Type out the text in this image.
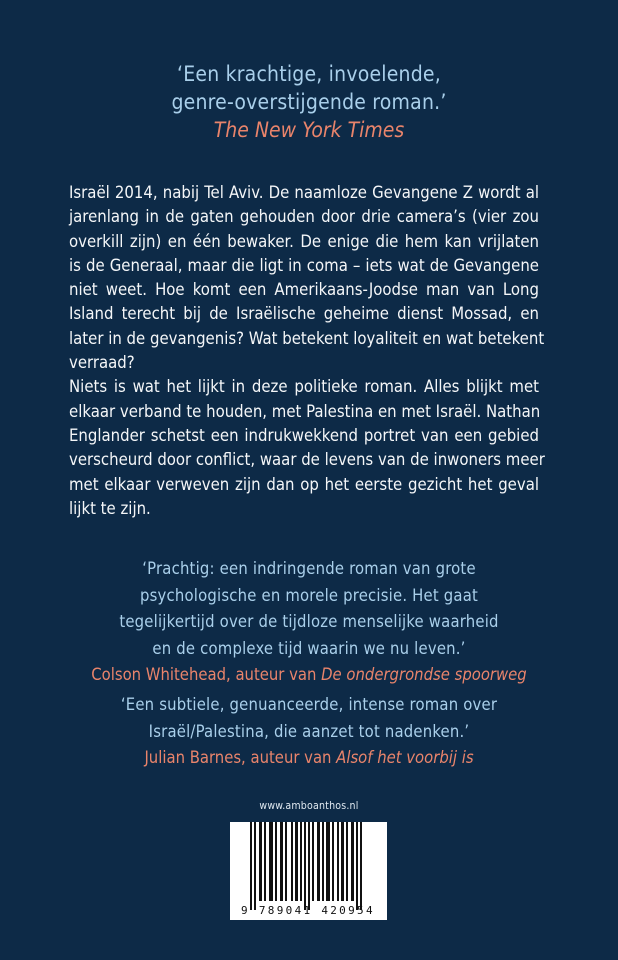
‘Een krachtige, invoelende,
genre-overstijgende roman.’
The New York Times
Israël 2014, nabij Tel Aviv. De naamloze Gevangene Z wordt al
jarenlang in de gaten gehouden door drie camera’s (vier zou
overkill zijn) en één bewaker. De enige die hem kan vrijlaten
is de Generaal, maar die ligt in coma – iets wat de Gevangene
niet weet. Hoe komt een Amerikaans-Joodse man van Long
Island terecht bij de Israëlische geheime dienst Mossad, en
later in de gevangenis? Wat betekent loyaliteit en wat betekent
verraad?
Niets is wat het lijkt in deze politieke roman. Alles blijkt met
elkaar verband te houden, met Palestina en met Israël. Nathan
Englander schetst een indrukwekkend portret van een gebied
verscheurd door conflict, waar de levens van de inwoners meer
met elkaar verweven zijn dan op het eerste gezicht het geval
lijkt te zijn.
‘Prachtig: een indringende roman van grote
psychologische en morele precisie. Het gaat
tegelijkertijd over de tijdloze menselijke waarheid
en de complexe tijd waarin we nu leven.’
Colson Whitehead, auteur van De ondergrondse spoorweg
‘Een subtiele, genuanceerde, intense roman over
Israël/Palestina, die aanzet tot nadenken.’
Julian Barnes, auteur van Alsof het voorbij is
www.amboanthos.nl
9 789041 420954
